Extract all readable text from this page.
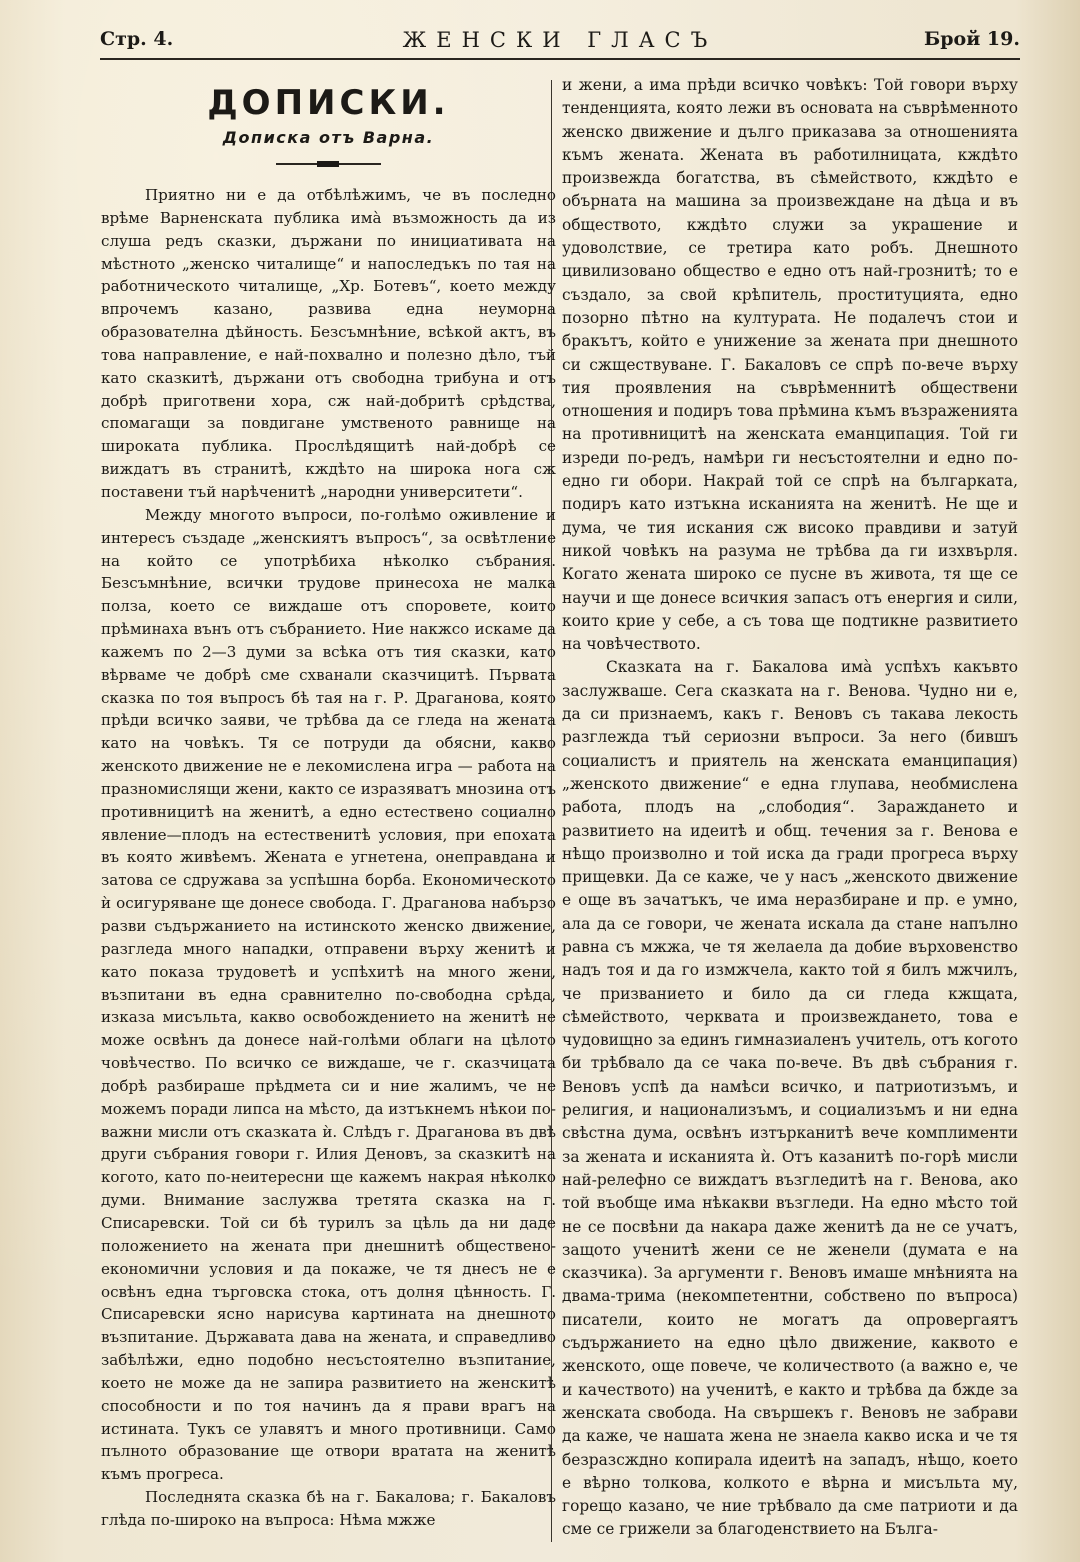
Стр. 4.	ЖЕНСКИ ГЛАСЪ	Брой 19.
ДОПИСКИ.
Дописка отъ Варна.

Приятно ни е да отбѣлѣжимъ, че въ последно врѣме Варненската публика имà възможность да из слуша редъ сказки, държани по инициативата на мѣстното „женско читалище“ и напоследъкъ по тая на работническото читалище, „Хр. Ботевъ“, което между впрочемъ казано, развива една неуморна образователна дѣйность. Безсъмнѣние, всѣкой актъ, въ това направление, е най-похвално и полезно дѣло, тъй като сказкитѣ, държани отъ свободна трибуна и отъ добрѣ приготвени хора, сж най-добритѣ срѣдства, спомагащи за повдигане умственото равнище на широката публика. Прослѣдящитѣ най-добрѣ се виждатъ въ странитѣ, кждѣто на широка нога сж поставени тъй нарѣченитѣ „народни университети“.

Между многото въпроси, по-голѣмо оживление и интересъ създаде „женскиятъ въпросъ“, за освѣтление на който се употрѣбиха нѣколко събрания. Безсъмнѣние, всички трудове принесоха не малка полза, което се виждаше отъ споровете, които прѣминаха вънъ отъ събранието. Ние накжсо искаме да кажемъ по 2—3 думи за всѣка отъ тия сказки, като вѣрваме че добрѣ сме схванали сказчицитѣ. Първата сказка по тоя въпросъ бѣ тая на г. Р. Драганова, която прѣди всичко заяви, че трѣбва да се гледа на жената като на човѣкъ. Тя се потруди да обясни, какво женското движение не е лекомислена игра — работа на празномислящи жени, както се изразяватъ мнозина отъ противницитѣ на женитѣ, а едно естествено социално явление—плодъ на естественитѣ условия, при епохата въ която живѣемъ. Жената е угнетена, онеправдана и затова се сдружава за успѣшна борба. Економическото ѝ осигуряване ще донесе свобода. Г. Драганова набързо разви съдържанието на истинското женско движение, разгледа много нападки, отправени върху женитѣ и като показа трудоветѣ и успѣхитѣ на много жени, възпитани въ една сравнително по-свободна срѣда, изказа мисъльта, какво освобождението на женитѣ не може освѣнъ да донесе най-голѣми облаги на цѣлото човѣчество. По всичко се виждаше, че г. сказчицата добрѣ разбираше прѣдмета си и ние жалимъ, че не можемъ поради липса на мѣсто, да изтъкнемъ нѣкои по-важни мисли отъ сказката ѝ. Слѣдъ г. Драганова въ двѣ други събрания говори г. Илия Деновъ, за сказкитѣ на когото, като по-неитересни ще кажемъ накрая нѣколко думи. Внимание заслужва третята сказка на г. Списаревски. Той си бѣ турилъ за цѣль да ни даде положението на жената при днешнитѣ обществено-економични условия и да покаже, че тя днесъ не е освѣнъ една търговска стока, отъ долня цѣнность. Г. Списаревски ясно нарисува картината на днешното възпитание. Държавата дава на жената, и справедливо забѣлѣжи, едно подобно несъстоятелно възпитание, което не може да не запира развитието на женскитѣ способности и по тоя начинъ да я прави врагъ на истината. Тукъ се улавятъ и много противници. Само пълното образование ще отвори вратата на женитѣ къмъ прогреса.

Последнята сказка бѣ на г. Бакалова; г. Бакаловъ глѣда по-широко на въпроса: Нѣма мжже

и жени, а има прѣди всичко човѣкъ: Той говори върху тенденцията, която лежи въ основата на съврѣменното женско движение и дълго приказава за отношенията къмъ жената. Жената въ работилницата, кждѣто произвежда богатства, въ сѣмейството, кждѣто е обърната на машина за произвеждане на дѣца и въ обществото, кждѣто служи за украшение и удоволствие, се третира като робъ. Днешното цивилизовано общество е едно отъ най-грознитѣ; то е създало, за свой крѣпитель, проституцията, едно позорно пѣтно на културата. Не подалечъ стои и бракътъ, който е унижение за жената при днешното си сжществуване. Г. Бакаловъ се спрѣ по-вече върху тия проявления на съврѣменнитѣ обществени отношения и подиръ това прѣмина къмъ възраженията на противницитѣ на женската еманципация. Той ги изреди по-редъ, намѣри ги несъстоятелни и едно по-едно ги обори. Накрай той се спрѣ на българката, подиръ като изтъкна исканията на женитѣ. Не ще и дума, че тия искания сж високо правдиви и затуй никой човѣкъ на разума не трѣбва да ги изхвърля. Когато жената широко се пусне въ живота, тя ще се научи и ще донесе всичкия запасъ отъ енергия и сили, които крие у себе, а съ това ще подтикне развитието на човѣчеството.

Сказката на г. Бакалова имà успѣхъ какъвто заслужваше. Сега сказката на г. Венова. Чудно ни е, да си признаемъ, какъ г. Веновъ съ такава лекость разглежда тъй сериозни въпроси. За него (бившъ социалистъ и приятель на женската еманципация) „женското движение“ е една глупава, необмислена работа, плодъ на „слободия“. Зараждането и развитието на идеитѣ и общ. течения за г. Венова е нѣщо произволно и той иска да гради прогреса върху прищевки. Да се каже, че у насъ „женското движение е още въ зачатъкъ, че има неразбиране и пр. е умно, ала да се говори, че жената искала да стане напълно равна съ мжжа, че тя желаела да добие върховенство надъ тоя и да го измжчела, както той я билъ мжчилъ, че призванието и било да си гледа кжщата, сѣмейството, черквата и произвеждането, това е чудовищно за единъ гимназиаленъ учитель, отъ когото би трѣбвало да се чака по-вече. Въ двѣ събрания г. Веновъ успѣ да намѣси всичко, и патриотизъмъ, и религия, и национализъмъ, и социализъмъ и ни една свѣстна дума, освѣнъ изтърканитѣ вече комплименти за жената и исканията ѝ. Отъ казанитѣ по-горѣ мисли най-релефно се виждатъ възгледитѣ на г. Венова, ако той въобще има нѣкакви възгледи. На едно мѣсто той не се посвѣни да накара даже женитѣ да не се учатъ, защото ученитѣ жени се не женели (думата е на сказчика). За аргументи г. Веновъ имаше мнѣнията на двама-трима (некомпетентни, собствено по въпроса) писатели, които не могатъ да опровергаятъ съдържанието на едно цѣло движение, каквото е женското, още повече, че количеството (а важно е, че и качеството) на ученитѣ, е както и трѣбва да бжде за женската свобода. На свършекъ г. Веновъ не забрави да каже, че нашата жена не знаела какво иска и че тя безразсждно копирала идеитѣ на западъ, нѣщо, което е вѣрно толкова, колкото е вѣрна и мисъльта му, горещо казано, че ние трѣбвало да сме патриоти и да сме се грижели за благоденствието на Бълга-
